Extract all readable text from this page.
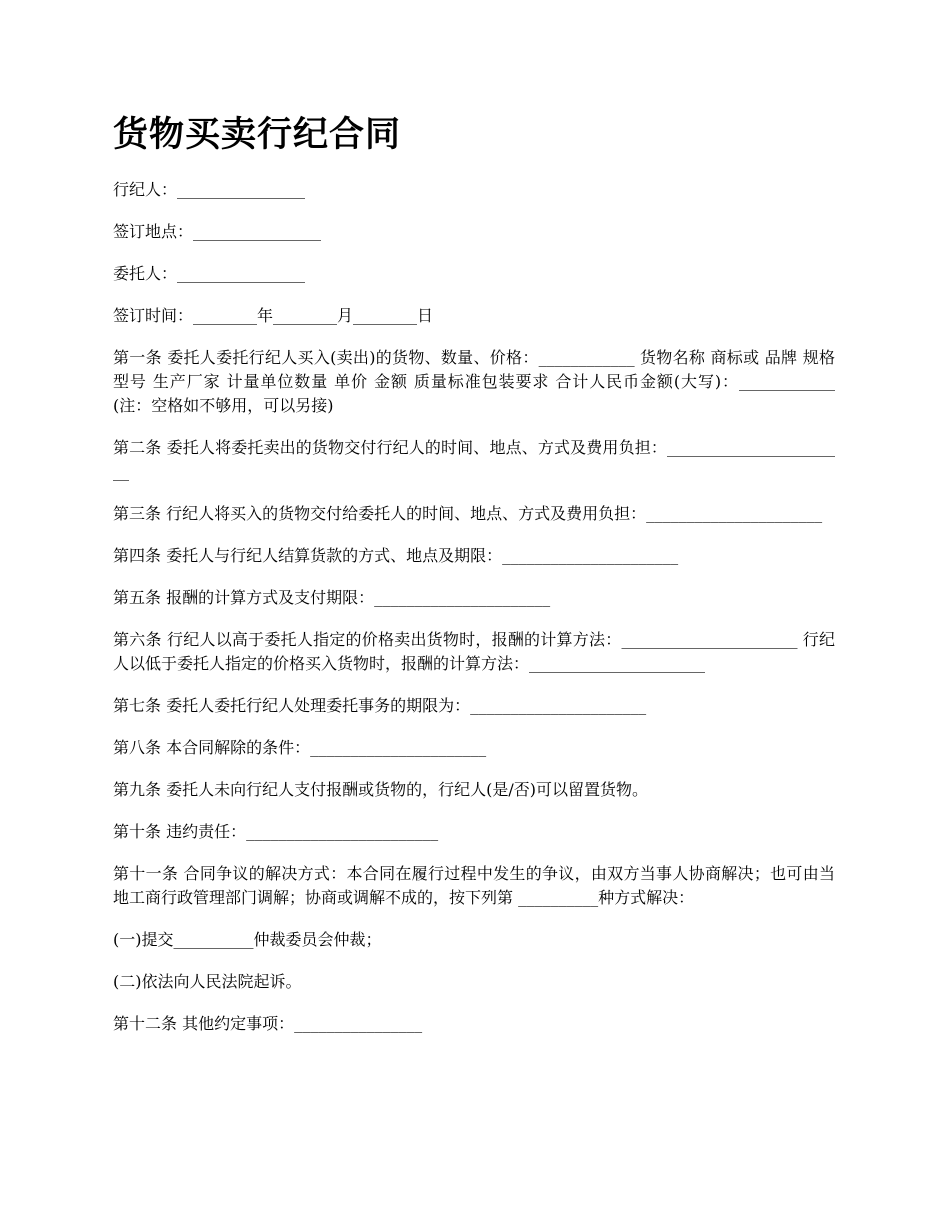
货物买卖行纪合同

行纪人：________________

签订地点：________________

委托人：________________

签订时间：________年________月________日

第一条 委托人委托行纪人买入(卖出)的货物、数量、价格：____________ 货物名称 商标或 品牌 规格型号 生产厂家 计量单位数量 单价 金额 质量标准包装要求 合计人民币金额(大写)：____________ (注：空格如不够用，可以另接)

第二条 委托人将委托卖出的货物交付行纪人的时间、地点、方式及费用负担：_______________________

第三条 行纪人将买入的货物交付给委托人的时间、地点、方式及费用负担：______________________

第四条 委托人与行纪人结算货款的方式、地点及期限：______________________

第五条 报酬的计算方式及支付期限：______________________

第六条 行纪人以高于委托人指定的价格卖出货物时，报酬的计算方法：______________________ 行纪人以低于委托人指定的价格买入货物时，报酬的计算方法：______________________

第七条 委托人委托行纪人处理委托事务的期限为：______________________

第八条 本合同解除的条件：______________________

第九条 委托人未向行纪人支付报酬或货物的，行纪人(是/否)可以留置货物。

第十条 违约责任：________________________

第十一条 合同争议的解决方式：本合同在履行过程中发生的争议，由双方当事人协商解决；也可由当地工商行政管理部门调解；协商或调解不成的，按下列第 __________种方式解决：

(一)提交__________仲裁委员会仲裁；

(二)依法向人民法院起诉。

第十二条 其他约定事项：________________
